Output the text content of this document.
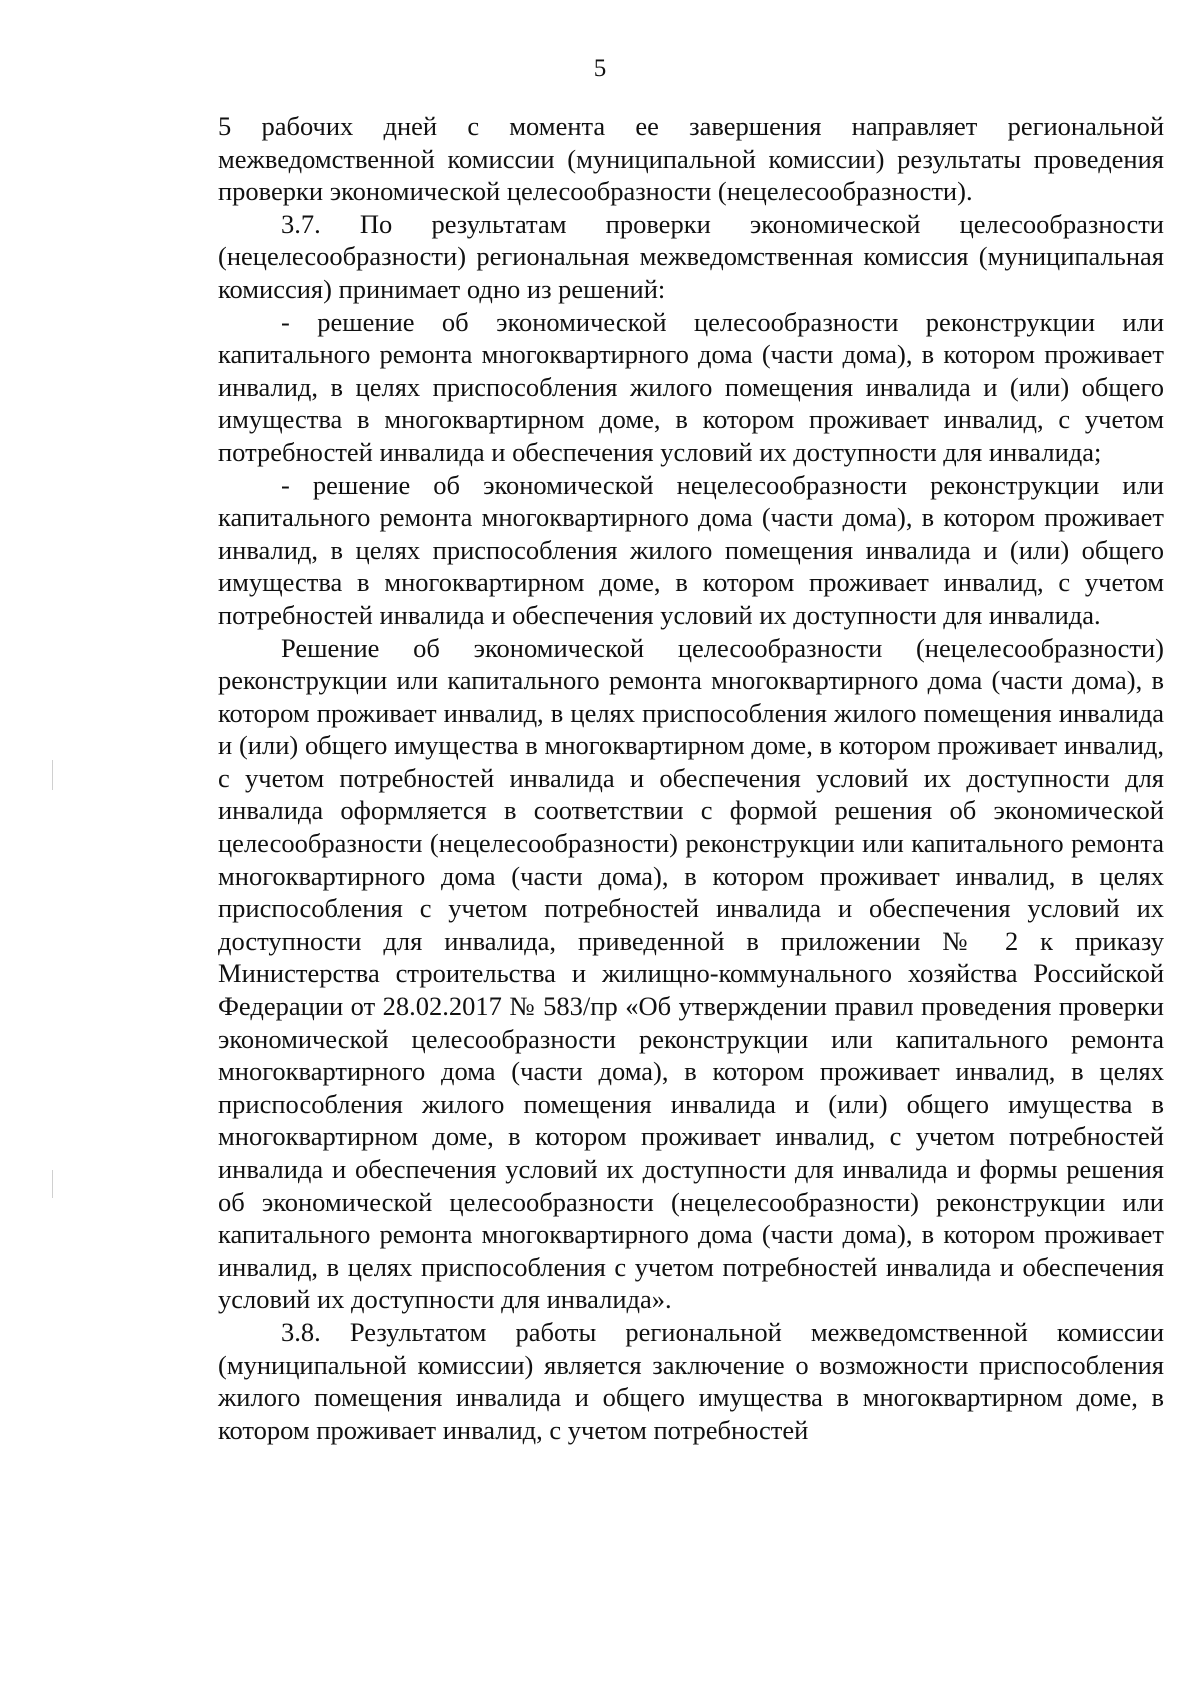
5

5 рабочих дней с момента ее завершения направляет региональной межведомственной комиссии (муниципальной комиссии) результаты проведения проверки экономической целесообразности (нецелесообразности).

3.7. По результатам проверки экономической целесообразности (нецелесообразности) региональная межведомственная комиссия (муниципальная комиссия) принимает одно из решений:

- решение об экономической целесообразности реконструкции или капитального ремонта многоквартирного дома (части дома), в котором проживает инвалид, в целях приспособления жилого помещения инвалида и (или) общего имущества в многоквартирном доме, в котором проживает инвалид, с учетом потребностей инвалида и обеспечения условий их доступности для инвалида;

- решение об экономической нецелесообразности реконструкции или капитального ремонта многоквартирного дома (части дома), в котором проживает инвалид, в целях приспособления жилого помещения инвалида и (или) общего имущества в многоквартирном доме, в котором проживает инвалид, с учетом потребностей инвалида и обеспечения условий их доступности для инвалида.

Решение об экономической целесообразности (нецелесообразности) реконструкции или капитального ремонта многоквартирного дома (части дома), в котором проживает инвалид, в целях приспособления жилого помещения инвалида и (или) общего имущества в многоквартирном доме, в котором проживает инвалид, с учетом потребностей инвалида и обеспечения условий их доступности для инвалида оформляется в соответствии с формой решения об экономической целесообразности (нецелесообразности) реконструкции или капитального ремонта многоквартирного дома (части дома), в котором проживает инвалид, в целях приспособления с учетом потребностей инвалида и обеспечения условий их доступности для инвалида, приведенной в приложении № 2 к приказу Министерства строительства и жилищно-коммунального хозяйства Российской Федерации от 28.02.2017 № 583/пр «Об утверждении правил проведения проверки экономической целесообразности реконструкции или капитального ремонта многоквартирного дома (части дома), в котором проживает инвалид, в целях приспособления жилого помещения инвалида и (или) общего имущества в многоквартирном доме, в котором проживает инвалид, с учетом потребностей инвалида и обеспечения условий их доступности для инвалида и формы решения об экономической целесообразности (нецелесообразности) реконструкции или капитального ремонта многоквартирного дома (части дома), в котором проживает инвалид, в целях приспособления с учетом потребностей инвалида и обеспечения условий их доступности для инвалида».

3.8. Результатом работы региональной межведомственной комиссии (муниципальной комиссии) является заключение о возможности приспособления жилого помещения инвалида и общего имущества в многоквартирном доме, в котором проживает инвалид, с учетом потребностей
